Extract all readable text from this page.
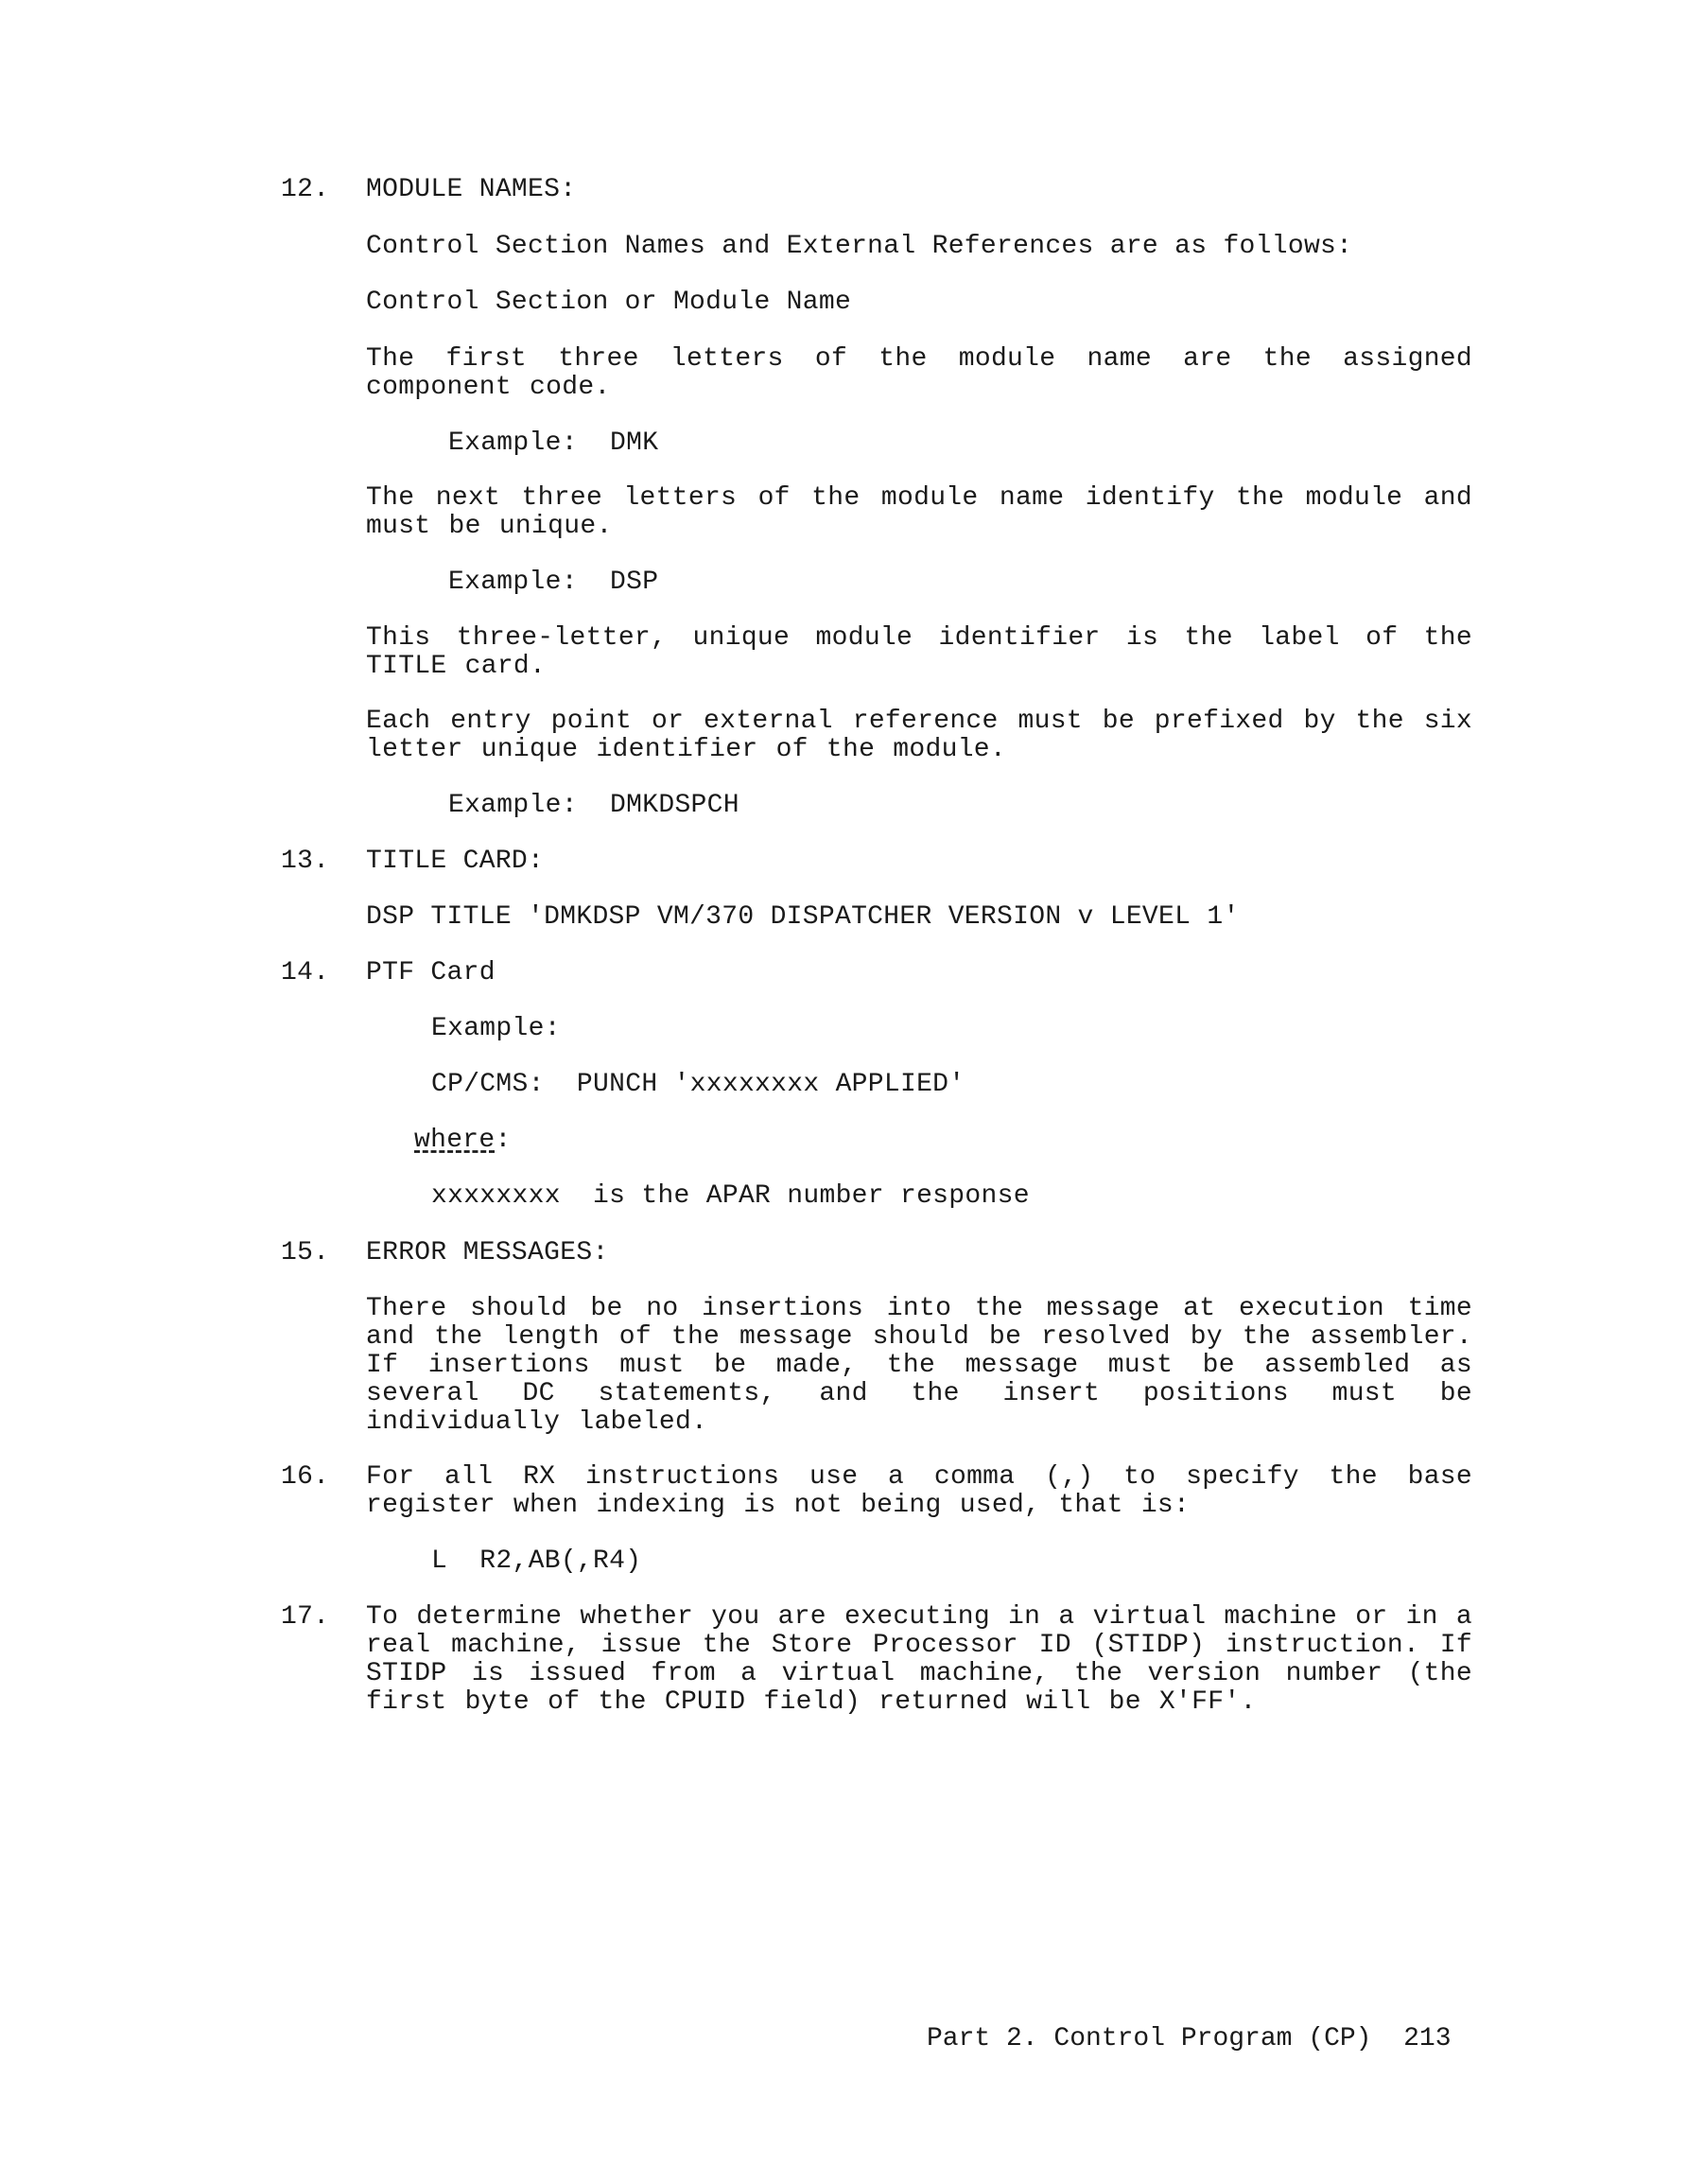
12. MODULE NAMES:
Control Section Names and External References are as follows:
Control Section or Module Name
The first three letters of the module name are the assigned component code.
Example:  DMK
The next three letters of the module name identify the module and must be unique.
Example:  DSP
This three-letter, unique module identifier is the label of the TITLE card.
Each entry point or external reference must be prefixed by the six letter unique identifier of the module.
Example:  DMKDSPCH
13. TITLE CARD:
DSP TITLE 'DMKDSP VM/370 DISPATCHER VERSION v LEVEL 1'
14. PTF Card
Example:
CP/CMS:  PUNCH 'xxxxxxxx APPLIED'
where:
xxxxxxxx  is the APAR number response
15. ERROR MESSAGES:
There should be no insertions into the message at execution time and the length of the message should be resolved by the assembler. If insertions must be made, the message must be assembled as several DC statements, and the insert positions must be individually labeled.
16. For all RX instructions use a comma (,) to specify the base register when indexing is not being used, that is:
L  R2,AB(,R4)
17. To determine whether you are executing in a virtual machine or in a real machine, issue the Store Processor ID (STIDP) instruction. If STIDP is issued from a virtual machine, the version number (the first byte of the CPUID field) returned will be X'FF'.
Part 2. Control Program (CP)  213
